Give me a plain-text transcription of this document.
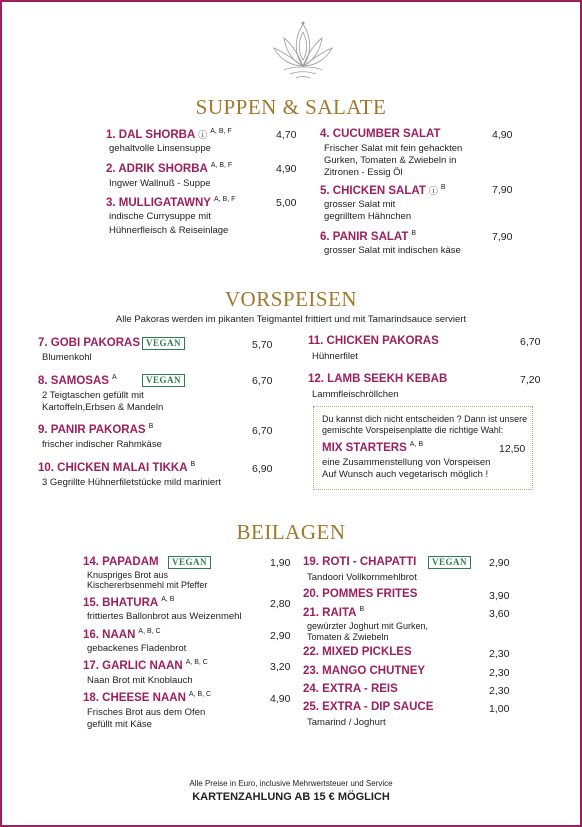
SUPPEN & SALATE
1. DAL SHORBA ⓘ $^{A, B, F}$	4,70
gehaltvolle Linsensuppe
2. ADRIK SHORBA $^{A, B, F}$	4,90
Ingwer Wallnuß - Suppe
3. MULLIGATAWNY $^{A, B, F}$	5,00
indische Currysuppe mit
Hühnerfleisch & Reiseinlage
4. CUCUMBER SALAT	4,90
Frischer Salat mit fein gehackten
Gurken, Tomaten & Zwiebeln in
Zitronen - Essig Öl
5. CHICKEN SALAT ⓘ $^B$	7,90
grosser Salat mit
gegrilltem Hähnchen
6. PANIR SALAT $^B$	7,90
grosser Salat mit indischen käse
VORSPEISEN
Alle Pakoras werden im pikanten Teigmantel frittiert und mit Tamarindsauce serviert
7. GOBI PAKORAS VEGAN	5,70
Blumenkohl
8. SAMOSAS $^A$	VEGAN	6,70
2 Teigtaschen gefüllt mit
Kartoffeln,Erbsen & Mandeln
9. PANIR PAKORAS $^B$	6,70
frischer indischer Rahmkäse
10. CHICKEN MALAI TIKKA $^B$	6,90
3 Gegrillte Hühnerfiletstücke mild mariniert
11. CHICKEN PAKORAS	6,70
Hühnerfilet
12. LAMB SEEKH KEBAB	7,20
Lammfleischröllchen
Du kannst dich nicht entscheiden ? Dann ist unsere
gemischte Vorspeisenplatte die richtige Wahl:
MIX STARTERS $^{A, B}$	12,50
eine Zusammenstellung von Vorspeisen
Auf Wunsch auch vegetarisch möglich !
BEILAGEN
14. PAPADAM	VEGAN	1,90
Knuspriges Brot aus
Kischererbsenmehl mit Pfeffer
15. BHATURA $^{A, B}$	2,80
frittiertes Ballonbrot aus Weizenmehl
16. NAAN $^{A, B, C}$	2,90
gebackenes Fladenbrot
17. GARLIC NAAN $^{A, B, C}$	3,20
Naan Brot mit Knoblauch
18. CHEESE NAAN $^{A, B, C}$	4,90
Frisches Brot aus dem Ofen
gefüllt mit Käse
19. ROTI - CHAPATTI	VEGAN	2,90
Tandoori Vollkornmehlbrot
20. POMMES FRITES	3,90
21. RAITA $^B$	3,60
gewürzter Joghurt mit Gurken,
Tomaten & Zwiebeln
22. MIXED PICKLES	2,30
23. MANGO CHUTNEY	2,30
24. EXTRA - REIS	2,30
25. EXTRA - DIP SAUCE	1,00
Tamarind / Joghurt
Alle Preise in Euro, inclusive Mehrwertsteuer und Service
KARTENZAHLUNG AB 15 € MÖGLICH
